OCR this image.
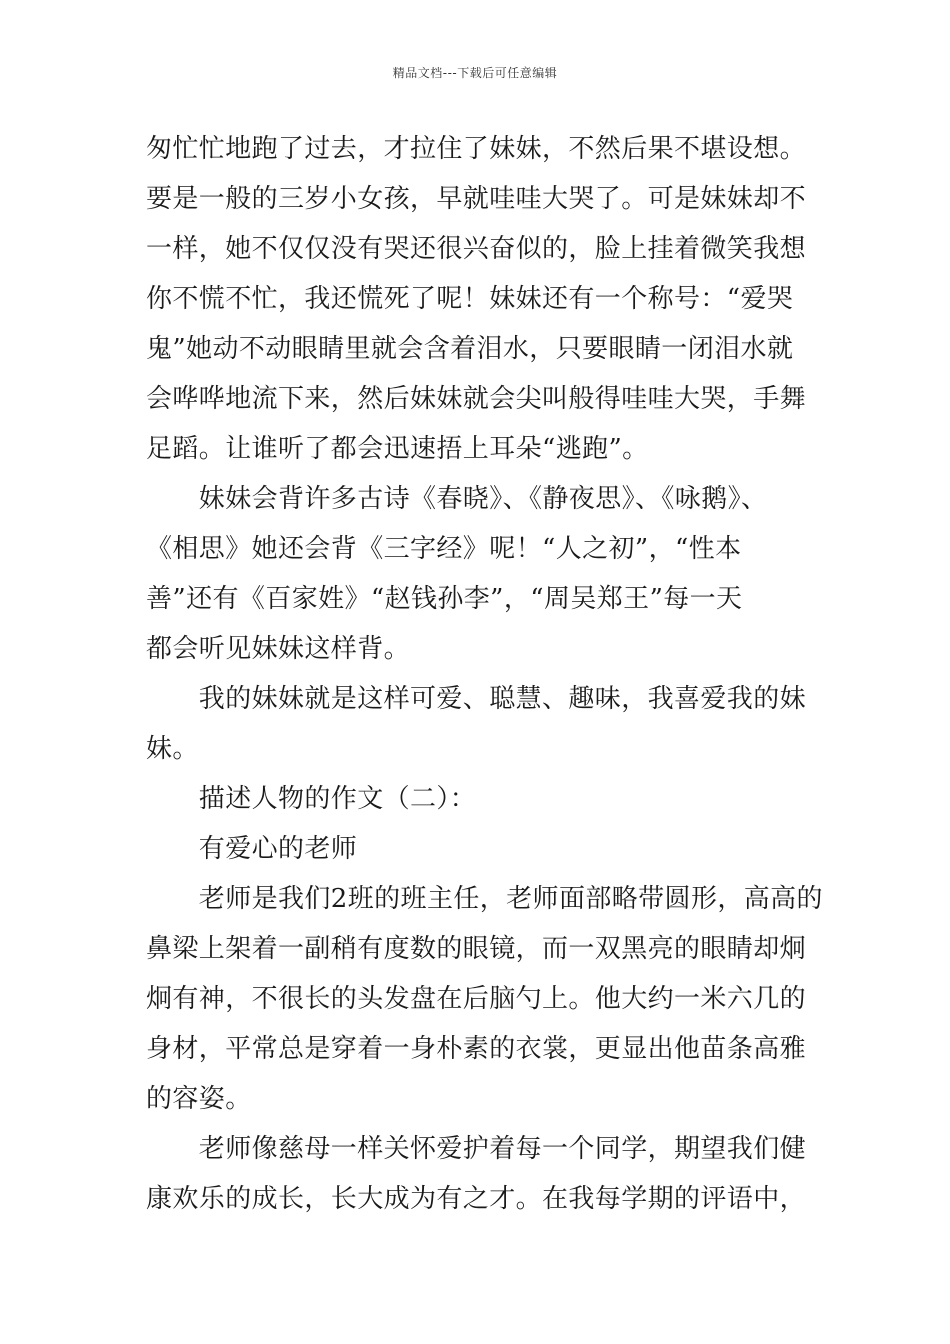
精品文档---下载后可任意编辑
匆忙忙地跑了过去，才拉住了妹妹，不然后果不堪设想。
要是一般的三岁小女孩，早就哇哇大哭了。可是妹妹却不
一样，她不仅仅没有哭还很兴奋似的，脸上挂着微笑我想
你不慌不忙，我还慌死了呢！妹妹还有一个称号：“爱哭
鬼”她动不动眼睛里就会含着泪水，只要眼睛一闭泪水就
会哗哗地流下来，然后妹妹就会尖叫般得哇哇大哭，手舞
足蹈。让谁听了都会迅速捂上耳朵“逃跑”。
　　妹妹会背许多古诗《春晓》、《静夜思》、《咏鹅》、
《相思》她还会背《三字经》呢！“人之初”，“性本
善”还有《百家姓》“赵钱孙李”，“周吴郑王”每一天
都会听见妹妹这样背。
　　我的妹妹就是这样可爱、聪慧、趣味，我喜爱我的妹
妹。
　　描述人物的作文（二）：
　　有爱心的老师
　　老师是我们2班的班主任，老师面部略带圆形，高高的
鼻梁上架着一副稍有度数的眼镜，而一双黑亮的眼睛却炯
炯有神，不很长的头发盘在后脑勺上。他大约一米六几的
身材，平常总是穿着一身朴素的衣裳，更显出他苗条高雅
的容姿。
　　老师像慈母一样关怀爱护着每一个同学，期望我们健
康欢乐的成长，长大成为有之才。在我每学期的评语中，
